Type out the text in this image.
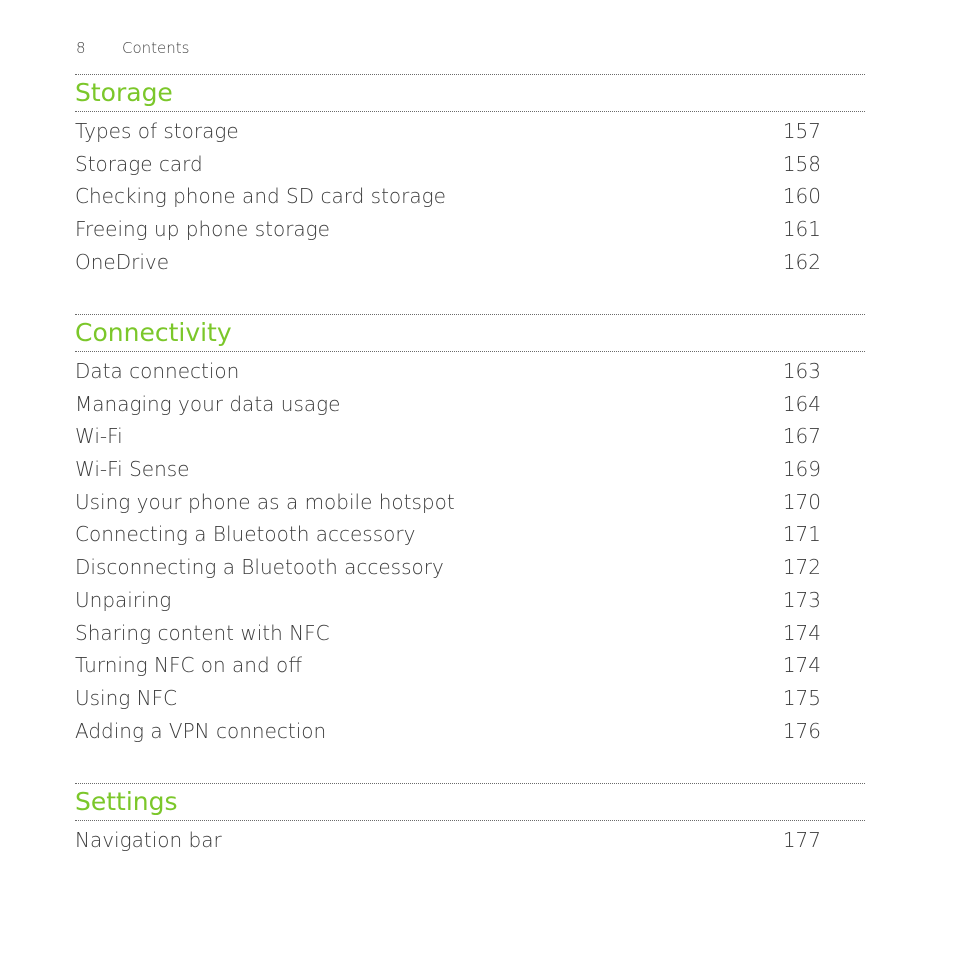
8 Contents
Storage
Types of storage	157
Storage card	158
Checking phone and SD card storage	160
Freeing up phone storage	161
OneDrive	162
Connectivity
Data connection	163
Managing your data usage	164
Wi-Fi	167
Wi-Fi Sense	169
Using your phone as a mobile hotspot	170
Connecting a Bluetooth accessory	171
Disconnecting a Bluetooth accessory	172
Unpairing	173
Sharing content with NFC	174
Turning NFC on and off	174
Using NFC	175
Adding a VPN connection	176
Settings
Navigation bar	177
